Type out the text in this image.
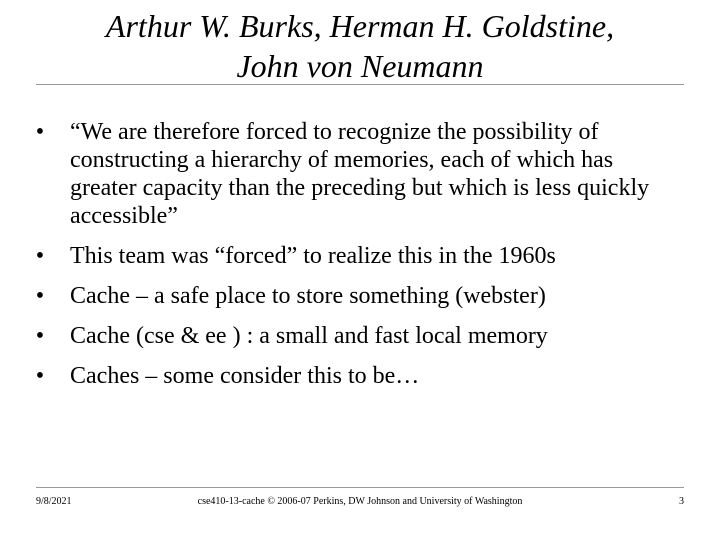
Arthur W. Burks, Herman H. Goldstine,
John von Neumann
• “We are therefore forced to recognize the possibility of constructing a hierarchy of memories, each of which has greater capacity than the preceding but which is less quickly accessible”
• This team was “forced” to realize this in the 1960s
• Cache – a safe place to store something (webster)
• Cache (cse & ee ) : a small and fast local memory
• Caches – some consider this to be…
9/8/2021	cse410-13-cache © 2006-07 Perkins, DW Johnson and University of Washington	3
